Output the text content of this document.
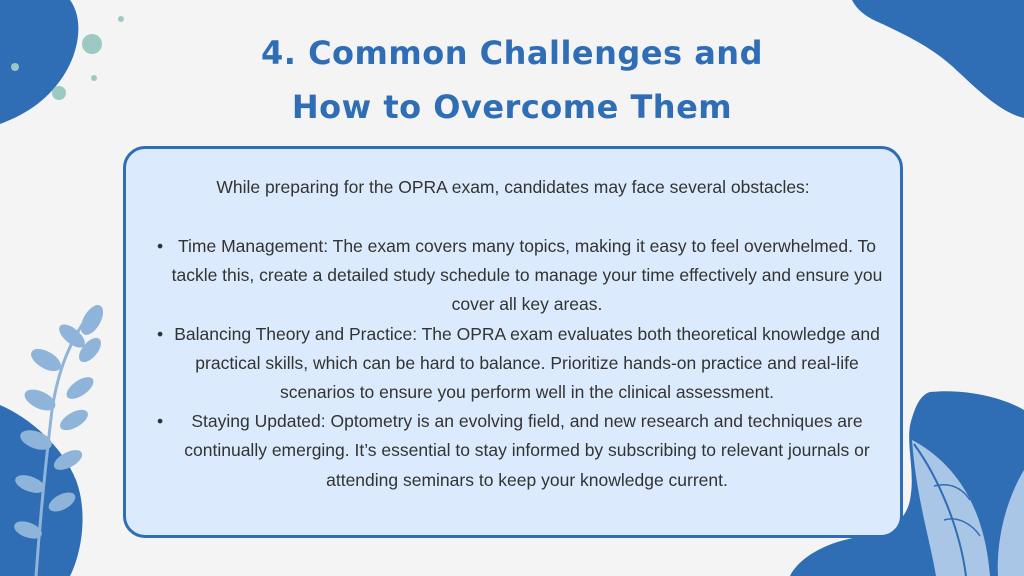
4. Common Challenges and
How to Overcome Them
While preparing for the OPRA exam, candidates may face several obstacles:
• Time Management: The exam covers many topics, making it easy to feel overwhelmed. To tackle this, create a detailed study schedule to manage your time effectively and ensure you cover all key areas.
• Balancing Theory and Practice: The OPRA exam evaluates both theoretical knowledge and practical skills, which can be hard to balance. Prioritize hands-on practice and real-life scenarios to ensure you perform well in the clinical assessment.
• Staying Updated: Optometry is an evolving field, and new research and techniques are continually emerging. It’s essential to stay informed by subscribing to relevant journals or attending seminars to keep your knowledge current.
